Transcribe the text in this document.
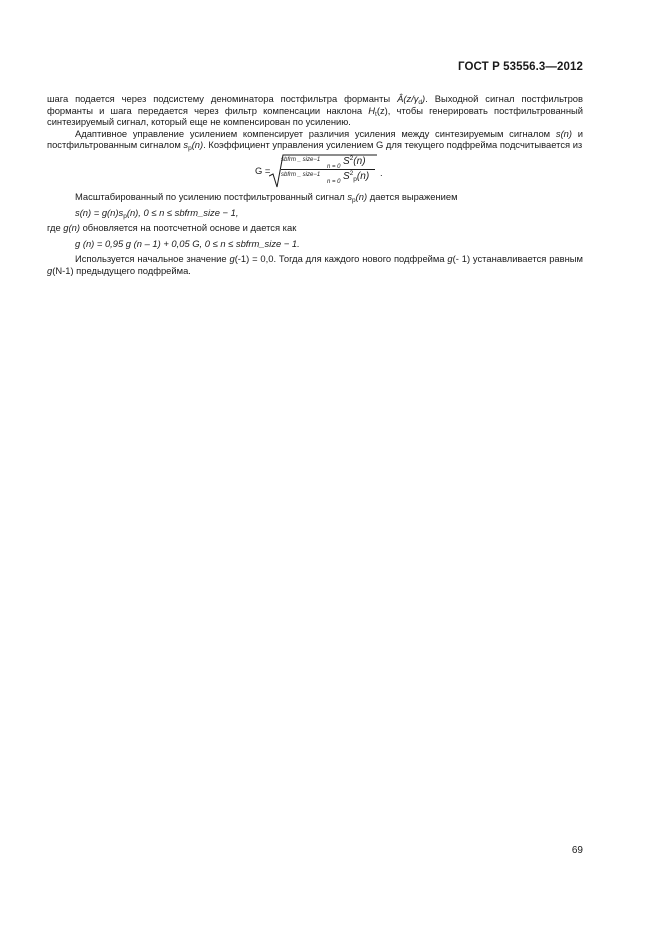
ГОСТ Р 53556.3—2012

шага подается через подсистему деноминатора постфильтра форманты $Â(z/\gamma_d)$. Выходной сигнал постфильтров форманты и шага передается через фильтр компенсации наклона $H_t(z)$, чтобы генерировать постфильтрованный синтезируемый сигнал, который еще не компенсирован по усилению.

Адаптивное управление усилением компенсирует различия усиления между синтезируемым сигналом s(n) и постфильтрованным сигналом $s_p(n)$. Коэффициент управления усилением G для текущего подфрейма подсчитывается из

G =
sbfrm _ size−1
n = 0 $S^2(n)$
sbfrm _ size−1
n = 0 $S^2_p(n)$ .

Масштабированный по усилению постфильтрованный сигнал $s_p(n)$ дается выражением

$s(n) = g(n)s_p(n)$, 0 ≤ n ≤ sbfrm_size − 1,

где g(n) обновляется на поотсчетной основе и дается как

g (n) = 0,95 g (n – 1) + 0,05 G, 0 ≤ n ≤ sbfrm_size − 1.

Используется начальное значение g(-1) = 0,0. Тогда для каждого нового подфрейма g(- 1) устанавливается равным g(N-1) предыдущего подфрейма.

69
